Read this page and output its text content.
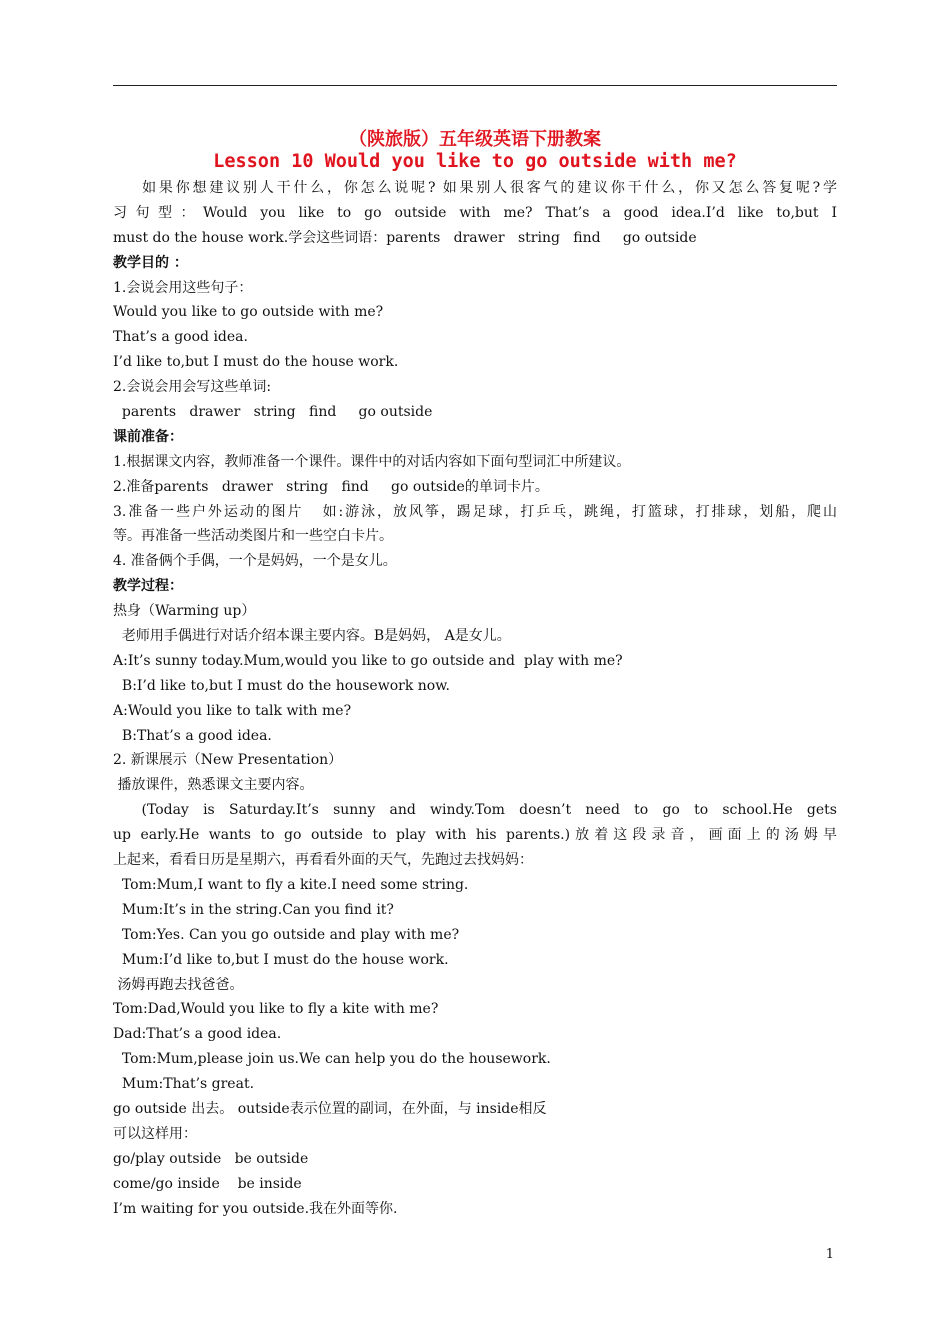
（陕旅版）五年级英语下册教案
Lesson 10 Would you like to go outside with me?
如果你想建议别人干什么，你怎么说呢? 如果别人很客气的建议你干什么，你又怎么答复呢?学
习句型：Would you like to go outside with me? That’s a good idea.I’d like to,but I
must do the house work.学会这些词语：parents   drawer   string   find     go outside
教学目的 ：
1.会说会用这些句子：
Would you like to go outside with me?
That’s a good idea.
I’d like to,but I must do the house work.
2.会说会用会写这些单词:
parents   drawer   string   find     go outside
课前准备：
1.根据课文内容，教师准备一个课件。课件中的对话内容如下面句型词汇中所建议。
2.准备parents   drawer   string   find     go outside的单词卡片。
3.准备一些户外运动的图片   如:游泳，放风筝，踢足球，打乒乓，跳绳，打篮球，打排球，划船，爬山
等。再准备一些活动类图片和一些空白卡片。
4. 准备俩个手偶，一个是妈妈，一个是女儿。
教学过程：
热身（Warming up）
老师用手偶进行对话介绍本课主要内容。B是妈妈， A是女儿。
A:It’s sunny today.Mum,would you like to go outside and  play with me?
B:I’d like to,but I must do the housework now.
A:Would you like to talk with me?
B:That’s a good idea.
2. 新课展示（New Presentation）
播放课件，熟悉课文主要内容。
(Today is Saturday.It’s sunny and windy.Tom doesn’t need to go to school.He gets
up early.He wants to go outside to play with his parents.)放着这段录音，画面上的汤姆早
上起来，看看日历是星期六，再看看外面的天气，先跑过去找妈妈：
Tom:Mum,I want to fly a kite.I need some string.
Mum:It’s in the string.Can you find it?
Tom:Yes. Can you go outside and play with me?
Mum:I’d like to,but I must do the house work.
汤姆再跑去找爸爸。
Tom:Dad,Would you like to fly a kite with me?
Dad:That’s a good idea.
Tom:Mum,please join us.We can help you do the housework.
Mum:That’s great.
go outside 出去。 outside表示位置的副词，在外面，与 inside相反
可以这样用：
go/play outside   be outside
come/go inside    be inside
I’m waiting for you outside.我在外面等你.
1
